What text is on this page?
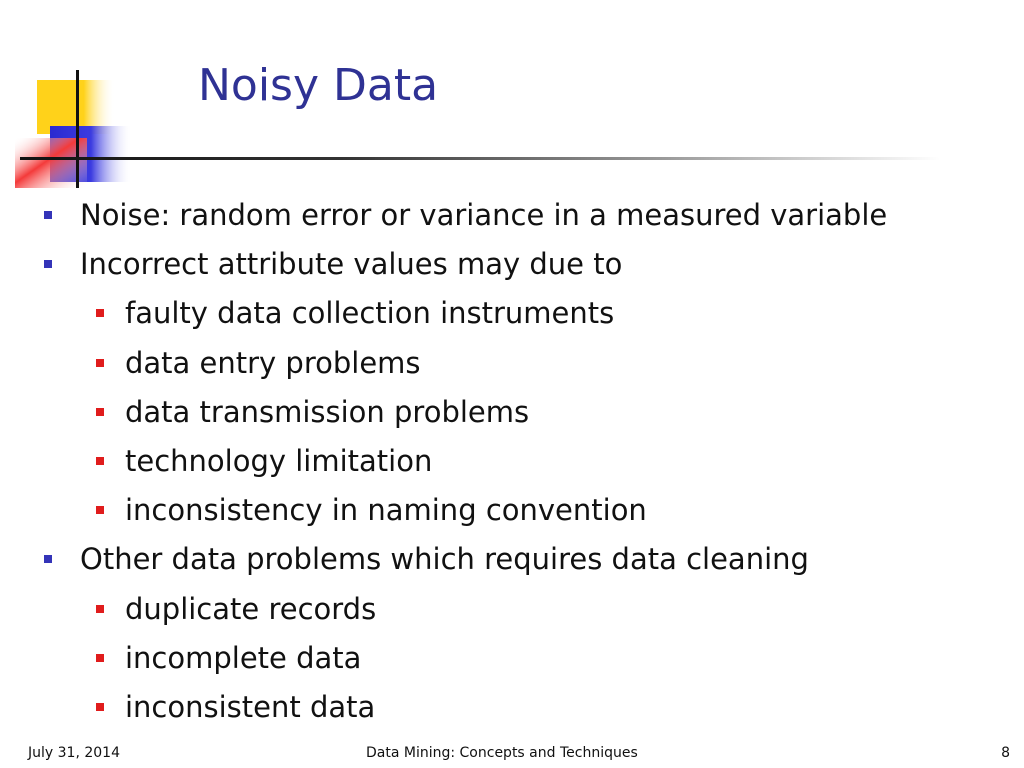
Noisy Data
Noise: random error or variance in a measured variable
Incorrect attribute values may due to
faulty data collection instruments
data entry problems
data transmission problems
technology limitation
inconsistency in naming convention
Other data problems which requires data cleaning
duplicate records
incomplete data
inconsistent data
July 31, 2014	Data Mining: Concepts and Techniques	8
